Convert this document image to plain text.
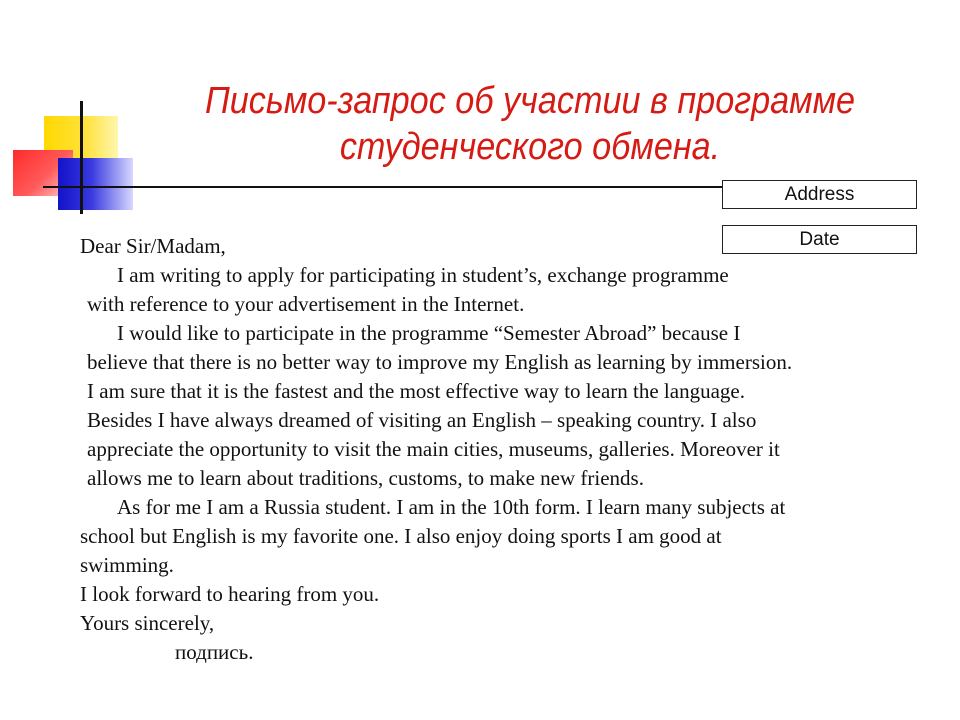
Письмо-запрос об участии в программе
студенческого обмена.
Address
Date
Dear Sir/Madam,
I am writing to apply for participating in student’s, exchange programme
with reference to your advertisement in the Internet.
I would like to participate in the programme “Semester Abroad” because I
believe that there is no better way to improve my English as learning by immersion.
I am sure that it is the fastest and the most effective way to learn the language.
Besides I have always dreamed of visiting an English – speaking country. I also
appreciate the opportunity to visit the main cities, museums, galleries. Moreover it
allows me to learn about traditions, customs, to make new friends.
As for me I am a Russia student. I am in the 10th form. I learn many subjects at
school but English is my favorite one. I also enjoy doing sports I am good at
swimming.
I look forward to hearing from you.
Yours sincerely,
подпись.
